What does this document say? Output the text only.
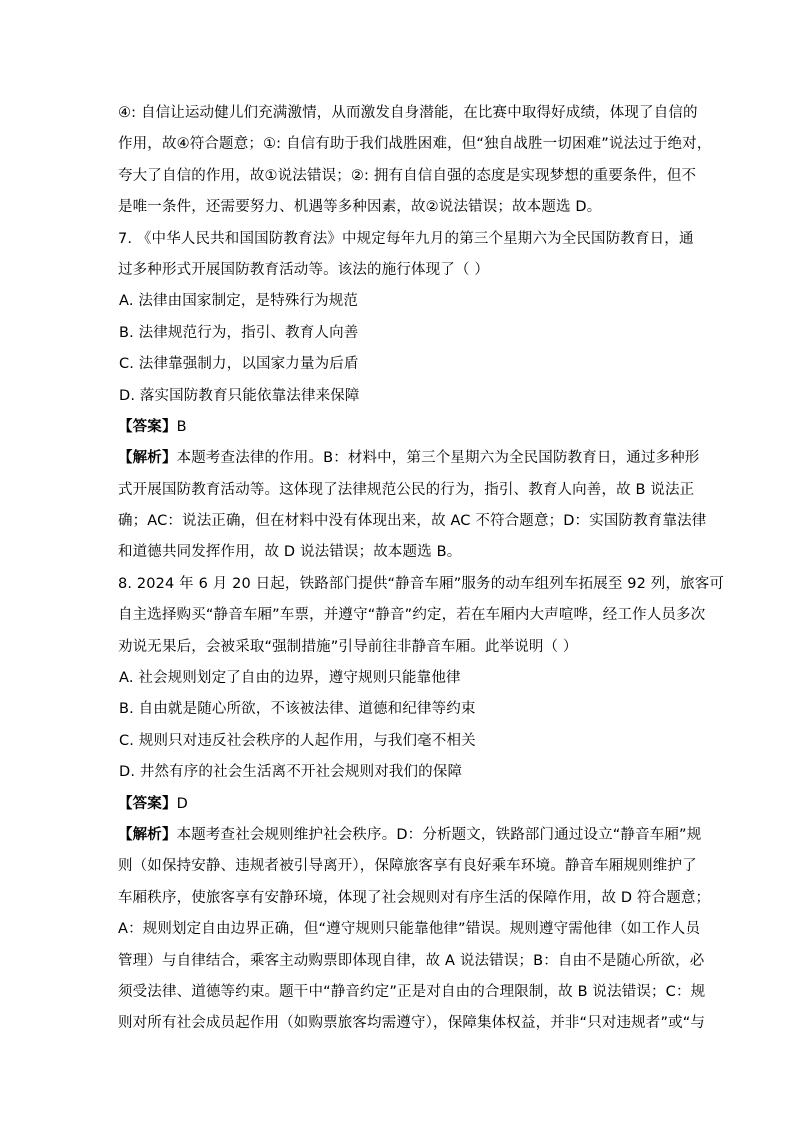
④: 自信让运动健儿们充满激情，从而激发自身潜能，在比赛中取得好成绩，体现了自信的
作用，故④符合题意；①: 自信有助于我们战胜困难，但“独自战胜一切困难”说法过于绝对，
夸大了自信的作用，故①说法错误；②: 拥有自信自强的态度是实现梦想的重要条件，但不
是唯一条件，还需要努力、机遇等多种因素，故②说法错误；故本题选 D。
7. 《中华人民共和国国防教育法》中规定每年九月的第三个星期六为全民国防教育日，通
过多种形式开展国防教育活动等。该法的施行体现了（ ）
A. 法律由国家制定，是特殊行为规范
B. 法律规范行为，指引、教育人向善
C. 法律靠强制力，以国家力量为后盾
D. 落实国防教育只能依靠法律来保障
【答案】B
【解析】本题考查法律的作用。B：材料中，第三个星期六为全民国防教育日，通过多种形
式开展国防教育活动等。这体现了法律规范公民的行为，指引、教育人向善，故 B 说法正
确；AC：说法正确，但在材料中没有体现出来，故 AC 不符合题意；D：实国防教育靠法律
和道德共同发挥作用，故 D 说法错误；故本题选 B。
8. 2024 年 6 月 20 日起，铁路部门提供“静音车厢”服务的动车组列车拓展至 92 列，旅客可
自主选择购买“静音车厢”车票，并遵守“静音”约定，若在车厢内大声喧哗，经工作人员多次
劝说无果后，会被采取“强制措施”引导前往非静音车厢。此举说明（ ）
A. 社会规则划定了自由的边界，遵守规则只能靠他律
B. 自由就是随心所欲，不该被法律、道德和纪律等约束
C. 规则只对违反社会秩序的人起作用，与我们毫不相关
D. 井然有序的社会生活离不开社会规则对我们的保障
【答案】D
【解析】本题考查社会规则维护社会秩序。D：分析题文，铁路部门通过设立“静音车厢”规
则（如保持安静、违规者被引导离开），保障旅客享有良好乘车环境。静音车厢规则维护了
车厢秩序，使旅客享有安静环境，体现了社会规则对有序生活的保障作用，故 D 符合题意；
A：规则划定自由边界正确，但“遵守规则只能靠他律”错误。规则遵守需他律（如工作人员
管理）与自律结合，乘客主动购票即体现自律，故 A 说法错误；B：自由不是随心所欲，必
须受法律、道德等约束。题干中“静音约定”正是对自由的合理限制，故 B 说法错误；C：规
则对所有社会成员起作用（如购票旅客均需遵守），保障集体权益，并非“只对违规者”或“与
